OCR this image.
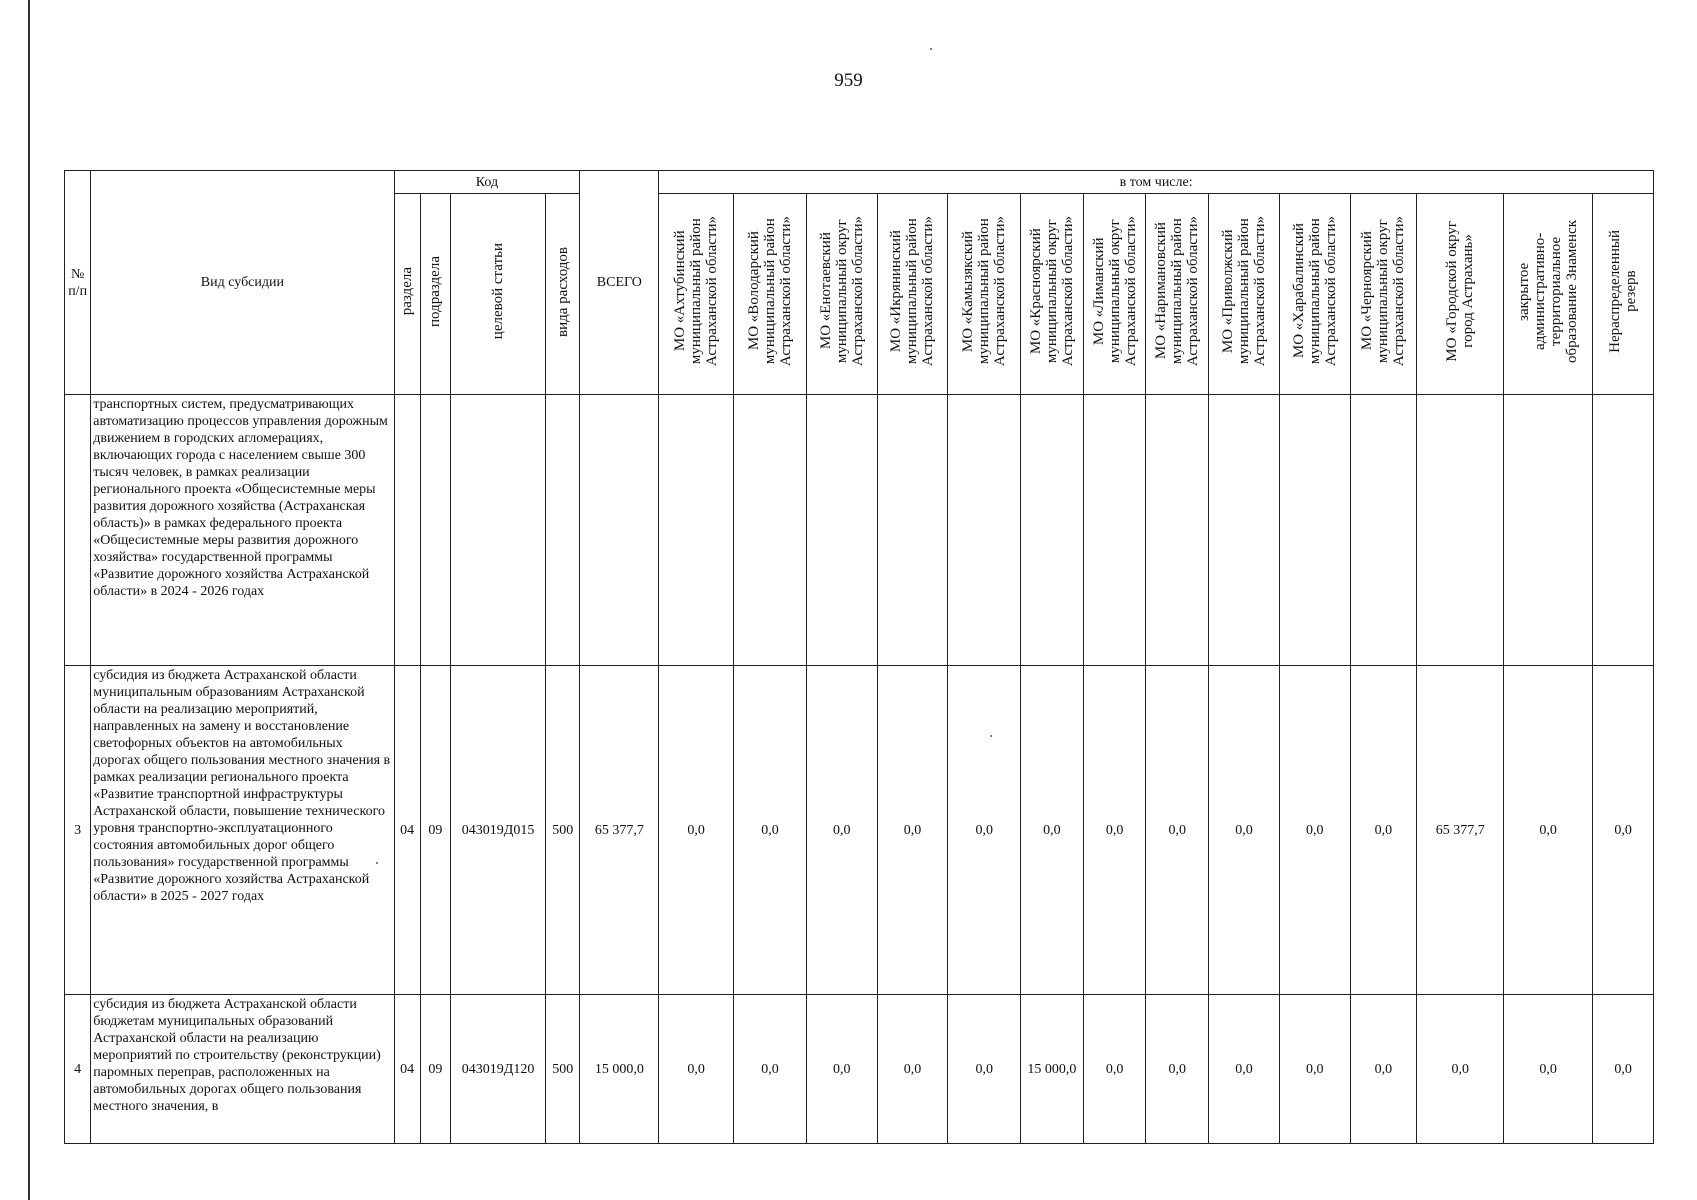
959
№
п/п	Вид субсидии	Код				ВСЕГО	в том числе:													
		раздела	подраздела	целевой статьи	вида расходов		МО «Ахтубинский
муниципальный район
Астраханской области»	МО «Володарский
муниципальный район
Астраханской области»	МО «Енотаевский
муниципальный округ
Астраханской области»	МО «Икрянинский
муниципальный район
Астраханской области»	МО «Камызякский
муниципальный район
Астраханской области»	МО «Красноярский
муниципальный округ
Астраханской области»	МО «Лиманский
муниципальный округ
Астраханской области»	МО «Наримановский
муниципальный район
Астраханской области»	МО «Приволжский
муниципальный район
Астраханской области»	МО «Харабалинский
муниципальный район
Астраханской области»	МО «Черноярский
муниципальный округ
Астраханской области»	МО «Городской округ
город Астрахань»	закрытое
административно-
территориальное
образование Знаменск	Нераспределенный
резерв
	транспортных систем, предусматривающих автоматизацию процессов управления дорожным движением в городских агломерациях, включающих города с населением свыше 300 тысяч человек, в рамках реализации регионального проекта «Общесистемные меры развития дорожного хозяйства (Астраханская область)» в рамках федерального проекта «Общесистемные меры развития дорожного хозяйства» государственной программы «Развитие дорожного хозяйства Астраханской области» в 2024 - 2026 годах																			
3	субсидия из бюджета Астраханской области муниципальным образованиям Астраханской области на реализацию мероприятий, направленных на замену и восстановление светофорных объектов на автомобильных дорогах общего пользования местного значения в рамках реализации регионального проекта «Развитие транспортной инфраструктуры Астраханской области, повышение технического уровня транспортно-эксплуатационного состояния автомобильных дорог общего пользования» государственной программы «Развитие дорожного хозяйства Астраханской области» в 2025 - 2027 годах	04	09	043019Д015	500	65 377,7	0,0	0,0	0,0	0,0	0,0	0,0	0,0	0,0	0,0	0,0	0,0	65 377,7	0,0	0,0
4	субсидия из бюджета Астраханской области бюджетам муниципальных образований Астраханской области на реализацию мероприятий по строительству (реконструкции) паромных переправ, расположенных на автомобильных дорогах общего пользования местного значения, в	04	09	043019Д120	500	15 000,0	0,0	0,0	0,0	0,0	0,0	15 000,0	0,0	0,0	0,0	0,0	0,0	0,0	0,0	0,0
